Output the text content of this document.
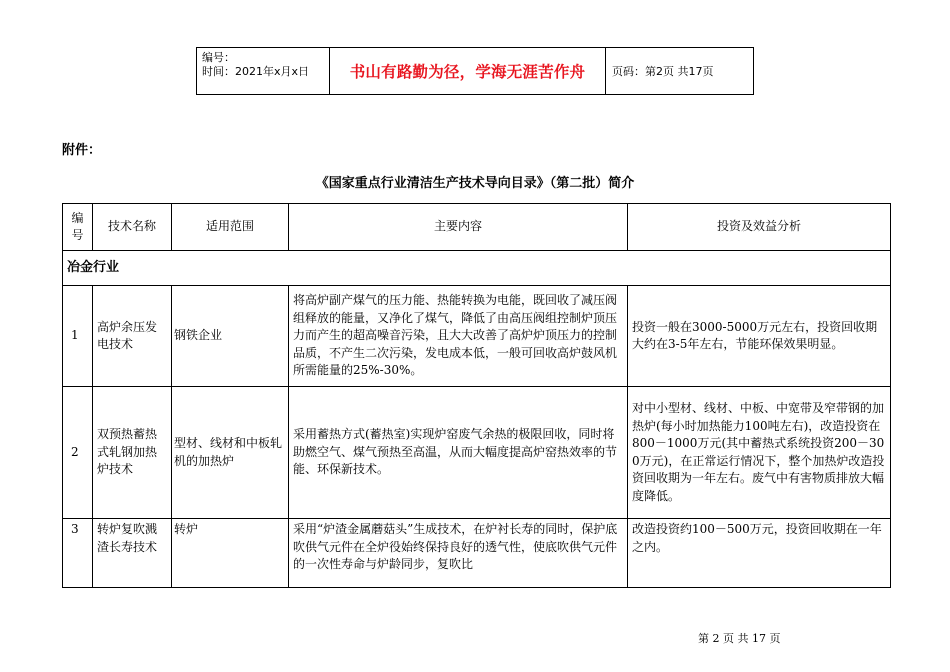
编号：
时间：2021年x月x日	书山有路勤为径，学海无涯苦作舟	页码：第2页 共17页
附件：
《国家重点行业清洁生产技术导向目录》（第二批）简介
编号	技术名称	适用范围	主要内容	投资及效益分析
冶金行业				
1	高炉余压发电技术	钢铁企业	将高炉副产煤气的压力能、热能转换为电能，既回收了减压阀组释放的能量，又净化了煤气，降低了由高压阀组控制炉顶压力而产生的超高噪音污染，且大大改善了高炉炉顶压力的控制品质，不产生二次污染，发电成本低，一般可回收高炉鼓风机所需能量的25%-30%。	投资一般在3000-5000万元左右，投资回收期大约在3-5年左右，节能环保效果明显。
2	双预热蓄热式轧钢加热炉技术	型材、线材和中板轧机的加热炉	采用蓄热方式(蓄热室)实现炉窑废气余热的极限回收，同时将助燃空气、煤气预热至高温，从而大幅度提高炉窑热效率的节能、环保新技术。	对中小型材、线材、中板、中宽带及窄带钢的加热炉(每小时加热能力100吨左右)，改造投资在800－1000万元(其中蓄热式系统投资200－300万元)，在正常运行情况下，整个加热炉改造投资回收期为一年左右。废气中有害物质排放大幅度降低。
3	转炉复吹溅渣长寿技术	转炉	采用“炉渣金属蘑菇头”生成技术，在炉衬长寿的同时，保护底吹供气元件在全炉役始终保持良好的透气性，使底吹供气元件的一次性寿命与炉龄同步，复吹比	改造投资约100－500万元，投资回收期在一年之内。
第 2 页 共 17 页
